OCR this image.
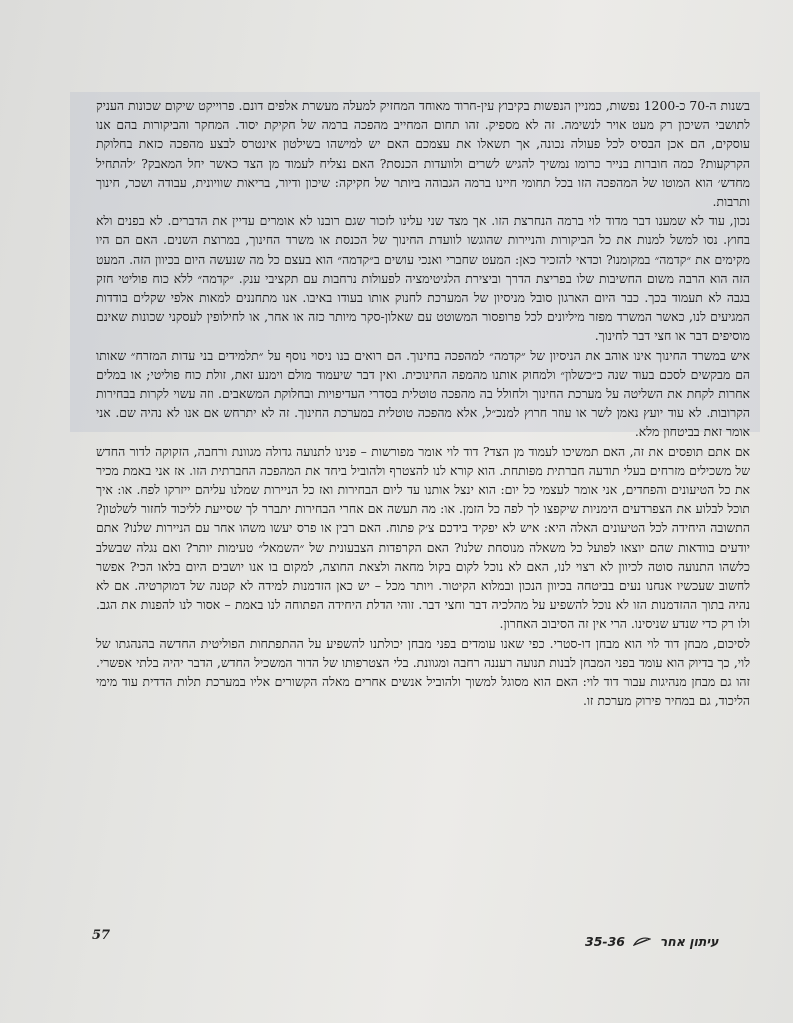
בשנות ה-70 כ-1200 נפשות, כמניין הנפשות בקיבוץ עין-חרוד מאוחד המחזיק למעלה מעשרת אלפים דונם. פרוייקט שיקום שכונות העניק לתושבי השיכון רק מעט אויר לנשימה. זה לא מספיק. זהו תחום המחייב מהפכה ברמה של חקיקת יסוד. המחקר והביקורות בהם אנו עוסקים, הם אכן הבסיס לכל פעולה נכונה, אך תשאלו את עצמכם האם יש למישהו בשילטון אינטרס לבצע מהפכה כזאת בחלוקת הקרקעות? כמה חוברות בנייר כרומו נמשיך להגיש לשרים ולוועדות הכנסת? האם נצליח לעמוד מן הצד כאשר יחל המאבק? ׳להתחיל מחדש׳ הוא המוטו של המהפכה הזו בכל תחומי חיינו ברמה הגבוהה ביותר של חקיקה: שיכון ודיור, בריאות שוויונית, עבודה ושכר, חינוך ותרבות.

נכון, עוד לא שמענו דבר מדוד לוי ברמה הנחרצת הזו. אך מצד שני עלינו לזכור שגם רובנו לא אומרים עדיין את הדברים. לא בפנים ולא בחוץ. נסו למשל למנות את כל הביקורות והניירות שהוגשו לוועדת החינוך של הכנסת או משרד החינוך, במרוצת השנים. האם הם היו מקימים את ״קדמה״ במקומנו? וכדאי להזכיר כאן: המעט שחברי ואנכי עושים ב״קדמה״ הוא בעצם כל מה שנעשה היום בכיוון הזה. המעט הזה הוא הרבה משום החשיבות שלו בפריצת הדרך וביצירת הלגיטימציה לפעולות נרחבות עם תקציבי ענק. ״קדמה״ ללא כוח פוליטי חזק בגבה לא תעמוד בכך. כבר היום הארגון סובל מניסיון של המערכת לחנוק אותו בעודו באיבו. אנו מתחננים למאות אלפי שקלים בודדות המגיעים לנו, כאשר המשרד מפזר מיליונים לכל פרופסור המשוטט עם שאלון-סקר מיותר כזה או אחר, או לחילופין לעסקני שכונות שאינם מוסיפים דבר או חצי דבר לחינוך.

איש במשרד החינוך אינו אוהב את הניסיון של ״קדמה״ למהפכה בחינוך. הם רואים בנו ניסוי נוסף על ״תלמידים בני עדות המזרח״ שאותו הם מבקשים לסכם בעוד שנה כ״כשלון״ ולמחוק אותנו מהמפה החינוכית. ואין דבר שיעמוד מולם וימנע זאת, זולת כוח פוליטי; או במלים אחרות לקחת את השליטה על מערכת החינוך ולחולל בה מהפכה טוטלית בסדרי העדיפויות ובחלוקת המשאבים. וזה עשוי לקרות בבחירות הקרובות. לא עוד יועץ נאמן לשר או עוזר חרוץ למנכ״ל, אלא מהפכה טוטלית במערכת החינוך. זה לא יתרחש אם אנו לא נהיה שם. אני אומר זאת בביטחון מלא.

אם אתם תופסים את זה, האם תמשיכו לעמוד מן הצד? דוד לוי אומר מפורשות – פנינו לתנועה גדולה מגוונת ורחבה, הזקוקה לדור החדש של משכילים מזרחים בעלי תודעה חברתית מפותחת. הוא קורא לנו להצטרף ולהוביל ביחד את המהפכה החברתית הזו. אז אני באמת מכיר את כל הטיעונים והפחדים, אני אומר לעצמי כל יום: הוא ינצל אותנו עד ליום הבחירות ואז כל הניירות שמלנו עליהם ייזרקו לפח. או: איך תוכל לבלוע את הצפרדעים הימניות שיקפצו לך לפה כל הזמן. או: מה תעשה אם אחרי הבחירות יתברר לך שסייעת לליכוד לחזור לשלטון? התשובה היחידה לכל הטיעונים האלה היא: איש לא יפקיד בידכם צ׳ק פתוח. האם רבין או פרס יעשו משהו אחר עם הניירות שלנו? אתם יודעים בוודאות שהם יוצאו לפועל כל משאלה מנוסחת שלנו? האם הקרפדות הצבעונית של ״השמאל״ טעימות יותר? ואם נגלה שבשלב כלשהו התנועה סוטה לכיוון לא רצוי לנו, האם לא נוכל לקום בקול מחאה ולצאת החוצה, למקום בו אנו יושבים היום בלאו הכי? אפשר לחשוב שעכשיו אנחנו נעים בביטחה בכיוון הנכון ובמלוא הקיטור. ויותר מכל – יש כאן הזדמנות למידה לא קטנה של דמוקרטיה. אם לא נהיה בתוך ההזדמנות הזו לא נוכל להשפיע על מהלכיה דבר וחצי דבר. זוהי הדלת היחידה הפתוחה לנו באמת – אסור לנו להפנות את הגב. ולו רק כדי שנדע שניסינו. הרי אין זה הסיבוב האחרון.

לסיכום, מבחן דוד לוי הוא מבחן דו-סטרי. כפי שאנו עומדים בפני מבחן יכולתנו להשפיע על ההתפתחות הפוליטית החדשה בהנהגתו של לוי, כך בדיוק הוא עומד בפני המבחן לבנות תנועה רעננה רחבה ומגוונת. בלי הצטרפותו של הדור המשכיל החדש, הדבר יהיה בלתי אפשרי. זהו גם מבחן מנהיגות עבור דוד לוי: האם הוא מסוגל למשוך ולהוביל אנשים אחרים מאלה הקשורים אליו במערכת תלות הדדית עוד מימי הליכוד, גם במחיר פירוק מערכת זו.

57	עיתון אחר  35-36
